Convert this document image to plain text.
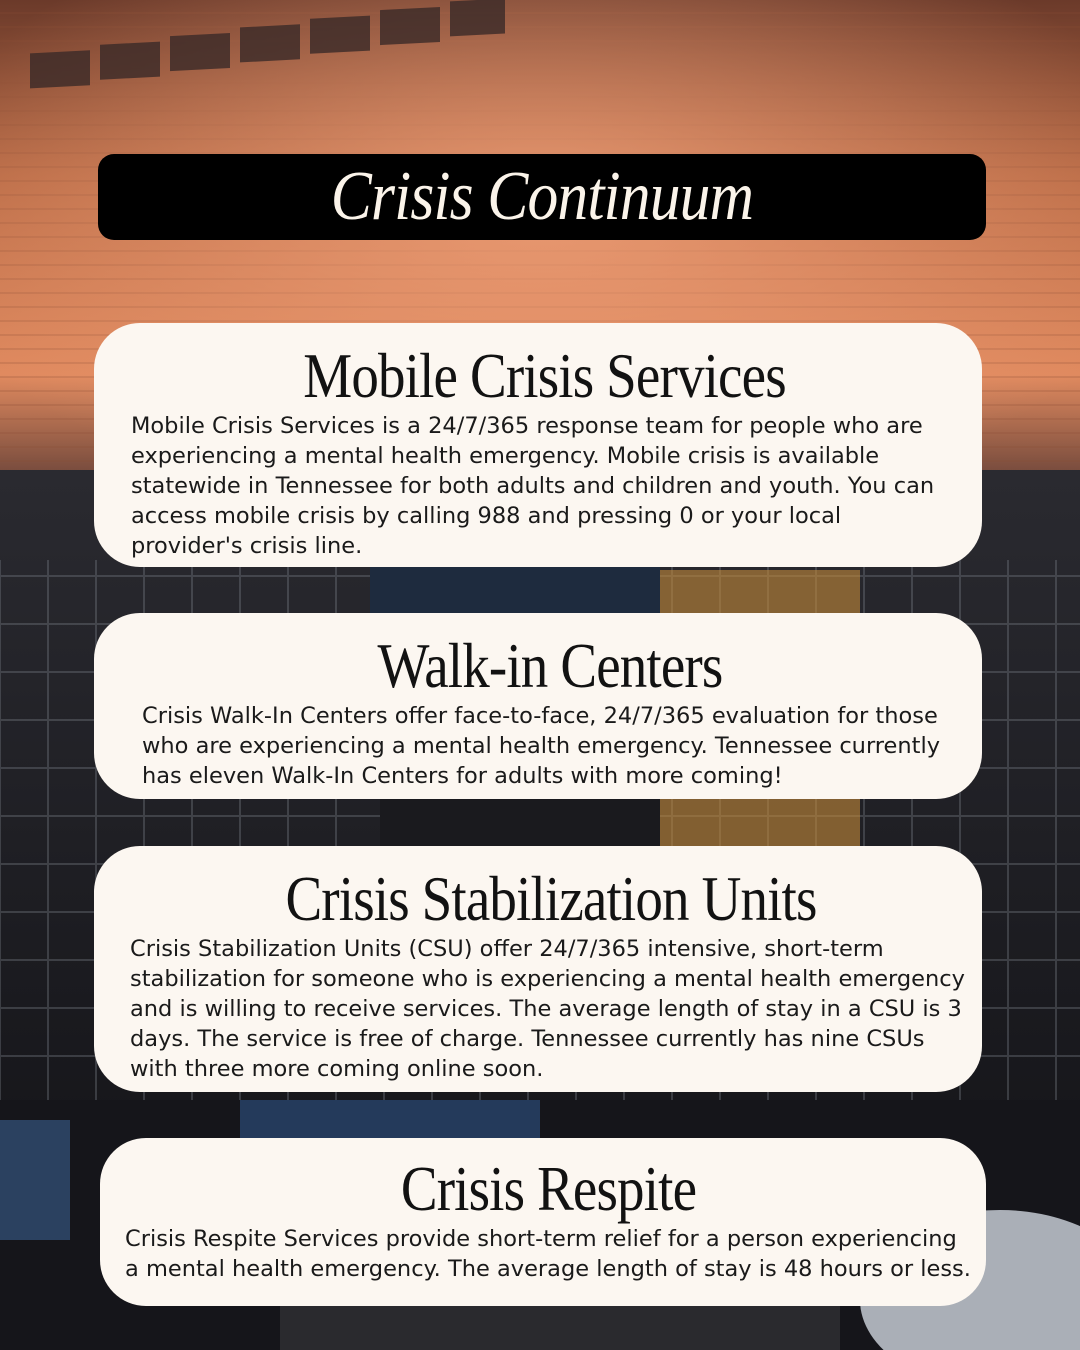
Crisis Continuum
Mobile Crisis Services

Mobile Crisis Services is a 24/7/365 response team for people who are experiencing a mental health emergency. Mobile crisis is available statewide in Tennessee for both adults and children and youth. You can access mobile crisis by calling 988 and pressing 0 or your local provider's crisis line.

Walk-in Centers

Crisis Walk-In Centers offer face-to-face, 24/7/365 evaluation for those who are experiencing a mental health emergency. Tennessee currently has eleven Walk-In Centers for adults with more coming!

Crisis Stabilization Units

Crisis Stabilization Units (CSU) offer 24/7/365 intensive, short-term stabilization for someone who is experiencing a mental health emergency and is willing to receive services. The average length of stay in a CSU is 3 days. The service is free of charge. Tennessee currently has nine CSUs with three more coming online soon.

Crisis Respite

Crisis Respite Services provide short-term relief for a person experiencing a mental health emergency. The average length of stay is 48 hours or less.
